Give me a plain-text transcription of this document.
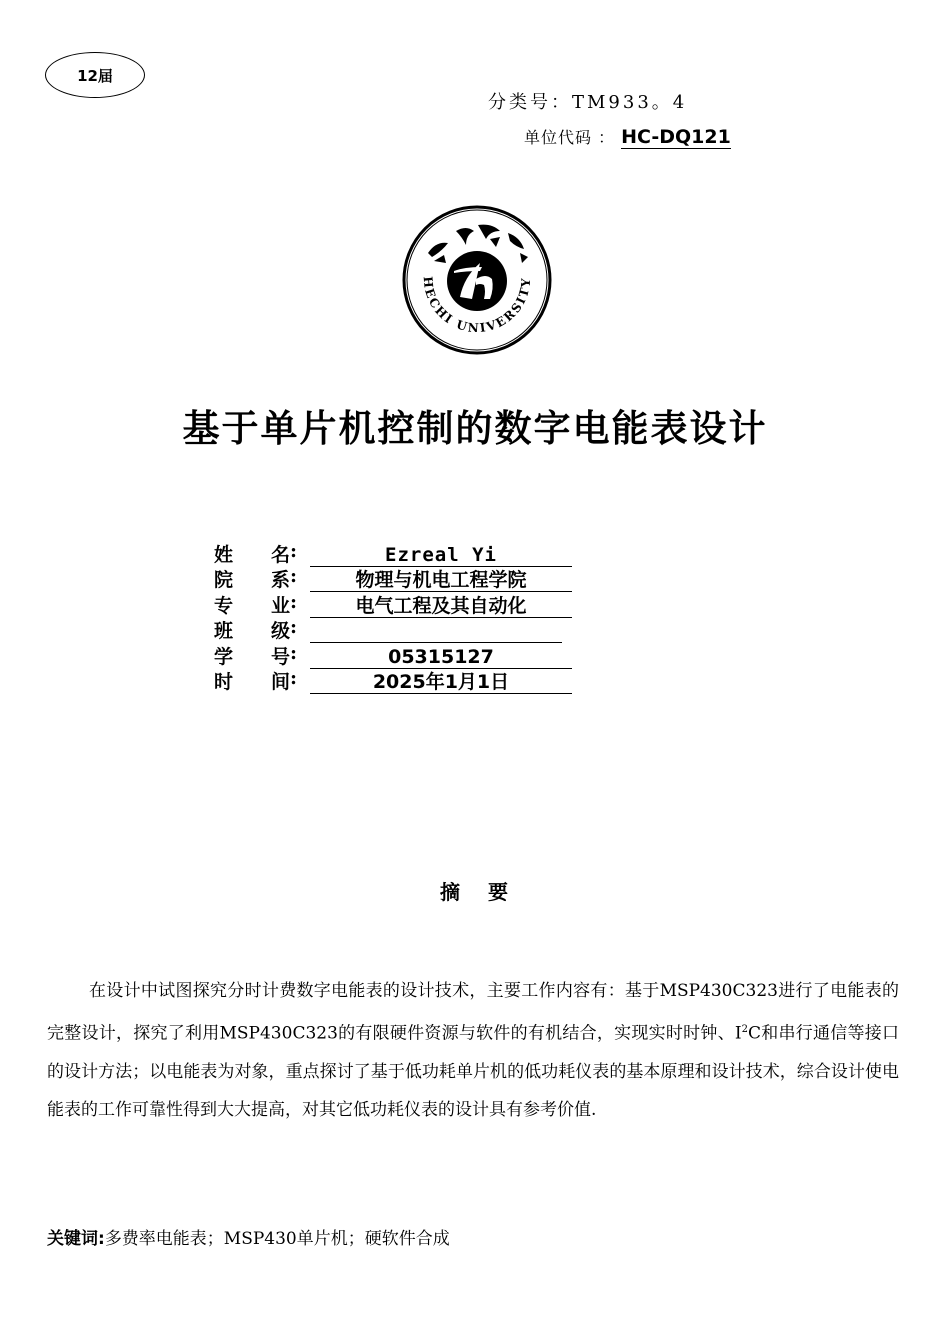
12届
分类号：TM933。4
单位代码 ： HC-DQ121
HECHI UNIVERSITY
基于单片机控制的数字电能表设计
姓	名 :	Ezreal Yi
院	系 :	物理与机电工程学院
专	业 :	电气工程及其自动化
班	级 :
学	号 :	05315127
时	间 :	2025年1月1日
摘 要
在设计中试图探究分时计费数字电能表的设计技术，主要工作内容有：基于MSP430C323进行了电能表的完整设计，探究了利用MSP430C323的有限硬件资源与软件的有机结合，实现实时时钟、$I^2C$和串行通信等接口的设计方法；以电能表为对象，重点探讨了基于低功耗单片机的低功耗仪表的基本原理和设计技术，综合设计使电能表的工作可靠性得到大大提高，对其它低功耗仪表的设计具有参考价值.
关键词:多费率电能表；MSP430单片机；硬软件合成
